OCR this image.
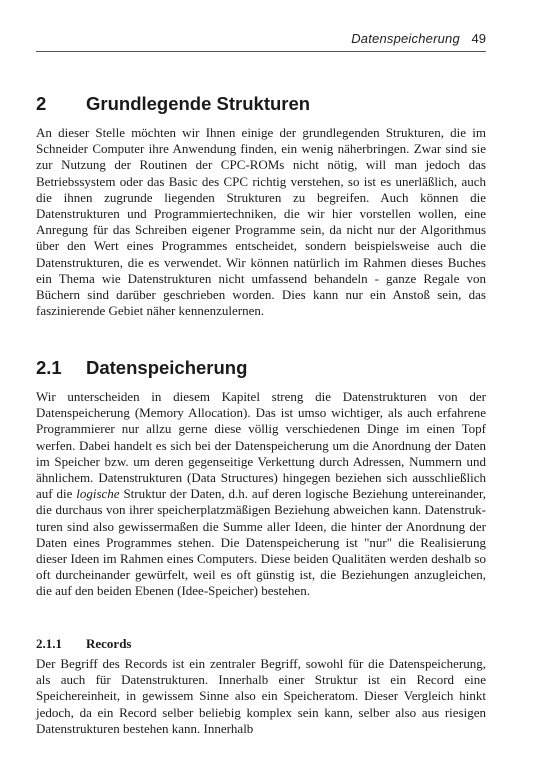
Datenspeicherung 49
2 Grundlegende Strukturen

An dieser Stelle möchten wir Ihnen einige der grundlegenden Strukturen, die im Schneider Computer ihre Anwendung finden, ein wenig näherbringen. Zwar sind sie zur Nutzung der Routinen der CPC-ROMs nicht nötig, will man jedoch das Betriebssystem oder das Basic des CPC richtig verstehen, so ist es unerläßlich, auch die ihnen zugrunde liegenden Strukturen zu begreifen. Auch können die Datenstrukturen und Programmiertechniken, die wir hier vorstellen wollen, eine Anregung für das Schreiben eigener Programme sein, da nicht nur der Algorithmus über den Wert eines Programmes entscheidet, sondern beispielsweise auch die Datenstrukturen, die es verwendet. Wir können natürlich im Rahmen dieses Buches ein Thema wie Datenstrukturen nicht umfassend behandeln - ganze Regale von Büchern sind darüber geschrieben worden. Dies kann nur ein Anstoß sein, das faszinierende Gebiet näher kennenzulernen.

2.1 Datenspeicherung

Wir unterscheiden in diesem Kapitel streng die Datenstrukturen von der Datenspeicherung (Memory Allocation). Das ist umso wichtiger, als auch erfahrene Programmierer nur allzu gerne diese völlig verschiedenen Dinge im einen Topf werfen. Dabei handelt es sich bei der Datenspeicherung um die Anordnung der Daten im Speicher bzw. um deren gegenseitige Verkettung durch Adressen, Nummern und ähnlichem. Datenstrukturen (Data Structures) hingegen beziehen sich ausschließlich auf die logische Struktur der Daten, d.h. auf deren logische Beziehung untereinander, die durchaus von ihrer speicherplatzmäßigen Beziehung abweichen kann. Datenstrukturen sind also gewissermaßen die Summe aller Ideen, die hinter der Anordnung der Daten eines Programmes stehen. Die Datenspeicherung ist "nur" die Realisierung dieser Ideen im Rahmen eines Computers. Diese beiden Qualitäten werden deshalb so oft durcheinander gewürfelt, weil es oft günstig ist, die Beziehungen anzugleichen, die auf den beiden Ebenen (Idee-Speicher) bestehen.

2.1.1 Records

Der Begriff des Records ist ein zentraler Begriff, sowohl für die Datenspeicherung, als auch für Datenstrukturen. Innerhalb einer Struktur ist ein Record eine Speichereinheit, in gewissem Sinne also ein Speicheratom. Dieser Vergleich hinkt jedoch, da ein Record selber beliebig komplex sein kann, selber also aus riesigen Datenstrukturen bestehen kann. Innerhalb
